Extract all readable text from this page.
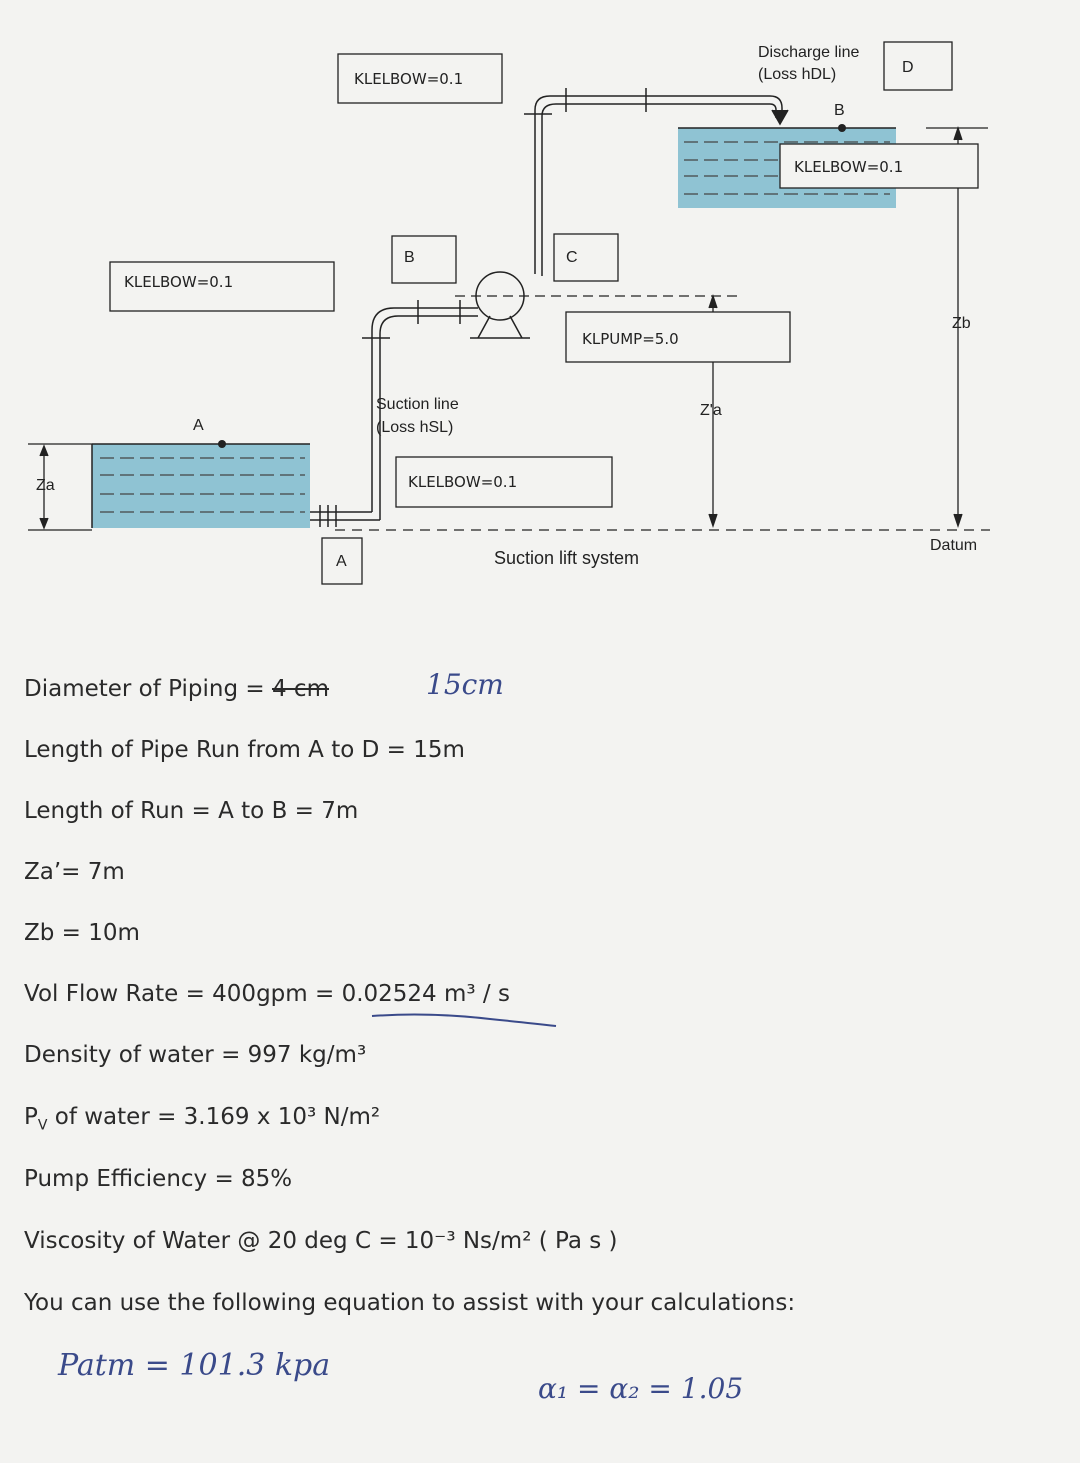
A
Za
B
Z'a
Zb
Datum
KLELBOW=0.1
KLELBOW=0.1
KLELBOW=0.1
KLELBOW=0.1
KLPUMP=5.0
B	C
D
A
Discharge line
(Loss hDL)
Suction line
(Loss hSL)
Suction lift system

Diameter of Piping = 4 cm	15cm

Length of Pipe Run from A to D = 15m

Length of Run = A to B = 7m

Za’= 7m

Zb = 10m

Vol Flow Rate = 400gpm = 0.02524 m³ / s

Density of water = 997 kg/m³

$P_V$ of water = 3.169 x 10³ N/m²

Pump Efficiency = 85%

Viscosity of Water @ 20 deg C = 10⁻³ Ns/m² ( Pa s )

You can use the following equation to assist with your calculations:

Patm = 101.3 kpa
α₁ = α₂ = 1.05
